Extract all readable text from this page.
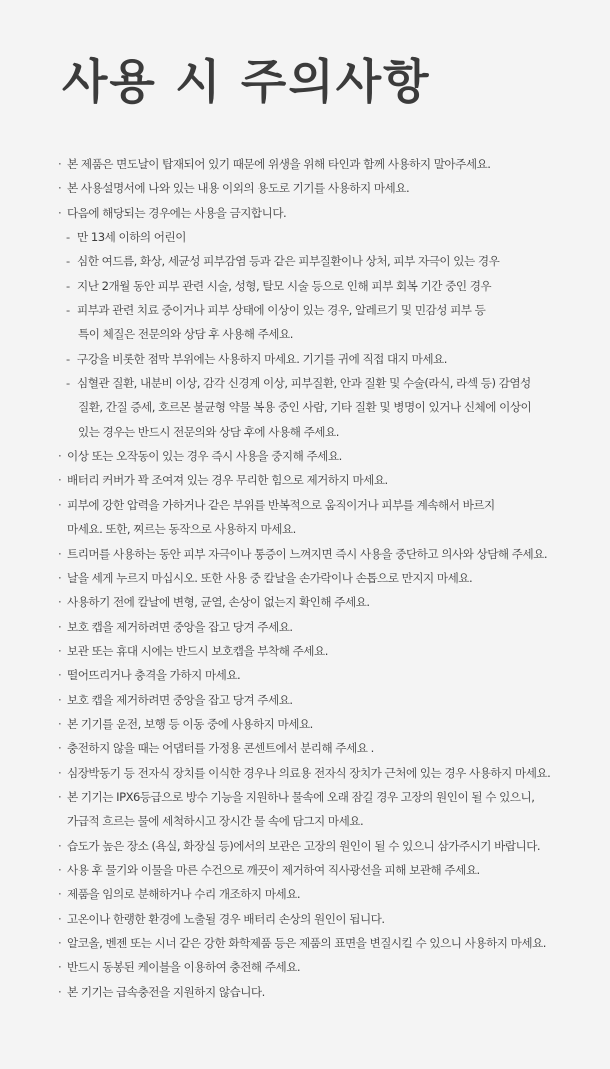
사용 시 주의사항
· 본 제품은 면도날이 탑재되어 있기 때문에 위생을 위해 타인과 함께 사용하지 말아주세요.
· 본 사용설명서에 나와 있는 내용 이외의 용도로 기기를 사용하지 마세요.
· 다음에 해당되는 경우에는 사용을 금지합니다.
- 만 13세 이하의 어린이
- 심한 여드름, 화상, 세균성 피부감염 등과 같은 피부질환이나 상처, 피부 자극이 있는 경우
- 지난 2개월 동안 피부 관련 시술, 성형, 탈모 시술 등으로 인해 피부 회복 기간 중인 경우
- 피부과 관련 치료 중이거나 피부 상태에 이상이 있는 경우, 알레르기 및 민감성 피부 등
특이 체질은 전문의와 상담 후 사용해 주세요.
- 구강을 비롯한 점막 부위에는 사용하지 마세요. 기기를 귀에 직접 대지 마세요.
- 심혈관 질환, 내분비 이상, 감각 신경계 이상, 피부질환, 안과 질환 및 수술(라식, 라섹 등) 감염성
질환, 간질 증세, 호르몬 불균형 약물 복용 중인 사람, 기타 질환 및 병명이 있거나 신체에 이상이
있는 경우는 반드시 전문의와 상담 후에 사용해 주세요.
· 이상 또는 오작동이 있는 경우 즉시 사용을 중지해 주세요.
· 배터리 커버가 꽉 조여져 있는 경우 무리한 힘으로 제거하지 마세요.
· 피부에 강한 압력을 가하거나 같은 부위를 반복적으로 움직이거나 피부를 계속해서 바르지
마세요. 또한, 찌르는 동작으로 사용하지 마세요.
· 트리머를 사용하는 동안 피부 자극이나 통증이 느껴지면 즉시 사용을 중단하고 의사와 상담해 주세요.
· 날을 세게 누르지 마십시오. 또한 사용 중 칼날을 손가락이나 손톱으로 만지지 마세요.
· 사용하기 전에 칼날에 변형, 균열, 손상이 없는지 확인해 주세요.
· 보호 캡을 제거하려면 중앙을 잡고 당겨 주세요.
· 보관 또는 휴대 시에는 반드시 보호캡을 부착해 주세요.
· 떨어뜨리거나 충격을 가하지 마세요.
· 보호 캡을 제거하려면 중앙을 잡고 당겨 주세요.
· 본 기기를 운전, 보행 등 이동 중에 사용하지 마세요.
· 충전하지 않을 때는 어댑터를 가정용 콘센트에서 분리해 주세요 .
· 심장박동기 등 전자식 장치를 이식한 경우나 의료용 전자식 장치가 근처에 있는 경우 사용하지 마세요.
· 본 기기는 IPX6등급으로 방수 기능을 지원하나 물속에 오래 잠길 경우 고장의 원인이 될 수 있으니,
가급적 흐르는 물에 세척하시고 장시간 물 속에 담그지 마세요.
· 습도가 높은 장소 (욕실, 화장실 등)에서의 보관은 고장의 원인이 될 수 있으니 삼가주시기 바랍니다.
· 사용 후 물기와 이물을 마른 수건으로 깨끗이 제거하여 직사광선을 피해 보관해 주세요.
· 제품을 임의로 분해하거나 수리 개조하지 마세요.
· 고온이나 한랭한 환경에 노출될 경우 배터리 손상의 원인이 됩니다.
· 알코올, 벤젠 또는 시너 같은 강한 화학제품 등은 제품의 표면을 변질시킬 수 있으니 사용하지 마세요.
· 반드시 동봉된 케이블을 이용하여 충전해 주세요.
· 본 기기는 급속충전을 지원하지 않습니다.
